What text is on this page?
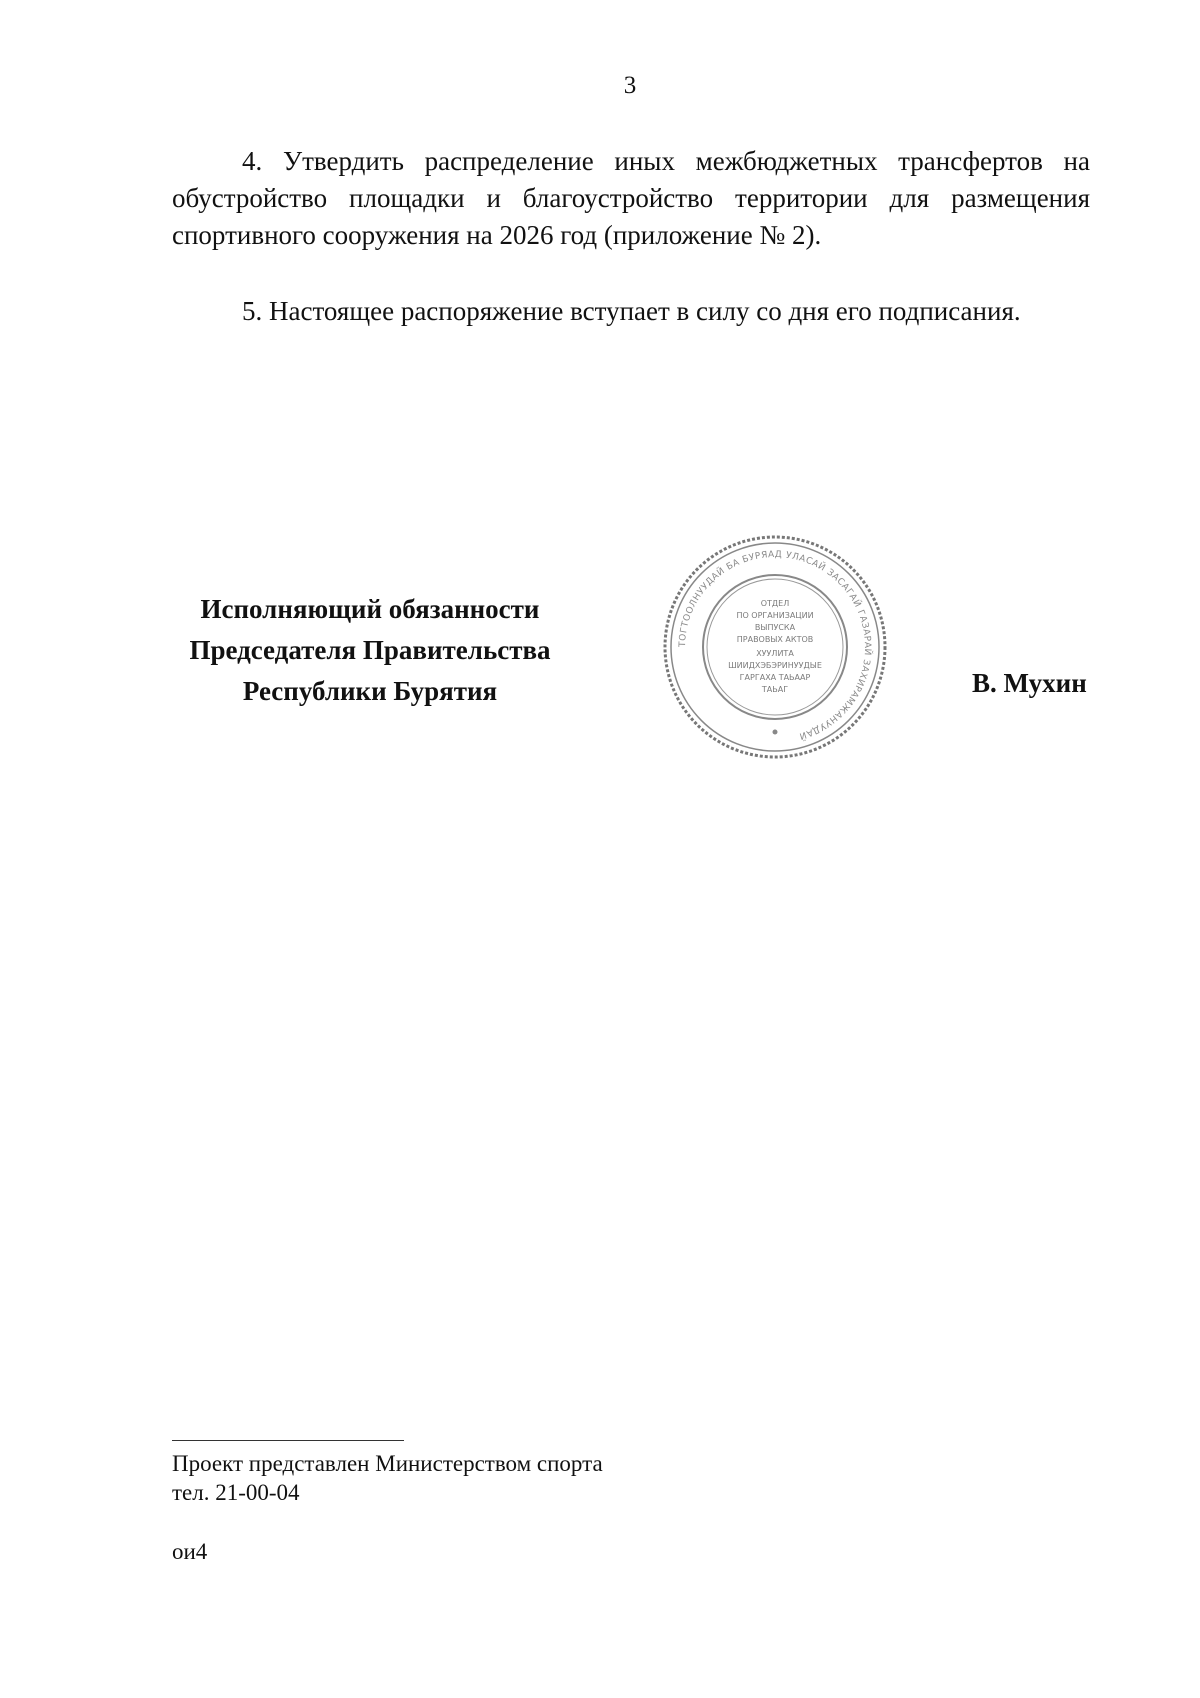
3
4. Утвердить распределение иных межбюджетных трансфертов на обустройство площадки и благоустройство территории для размещения спортивного сооружения на 2026 год (приложение № 2).
5. Настоящее распоряжение вступает в силу со дня его подписания.
Исполняющий обязанности
Председателя Правительства
Республики Бурятия
ТОГТООЛНУУДАЙ БА БУРЯАД УЛАСАЙ ЗАСАГАЙ ГАЗАРАЙ ЗАХИРАМЖАНУУДАЙ
ОТДЕЛ
ПО ОРГАНИЗАЦИИ
ВЫПУСКА
ПРАВОВЫХ АКТОВ
ХУУЛИТА
ШИИДХЭБЭРИНУУДЫЕ
ГАРГАХА ТАЬААР
ТАЬАГ	В. Мухин
Проект представлен Министерством спорта
тел. 21-00-04
ои4
